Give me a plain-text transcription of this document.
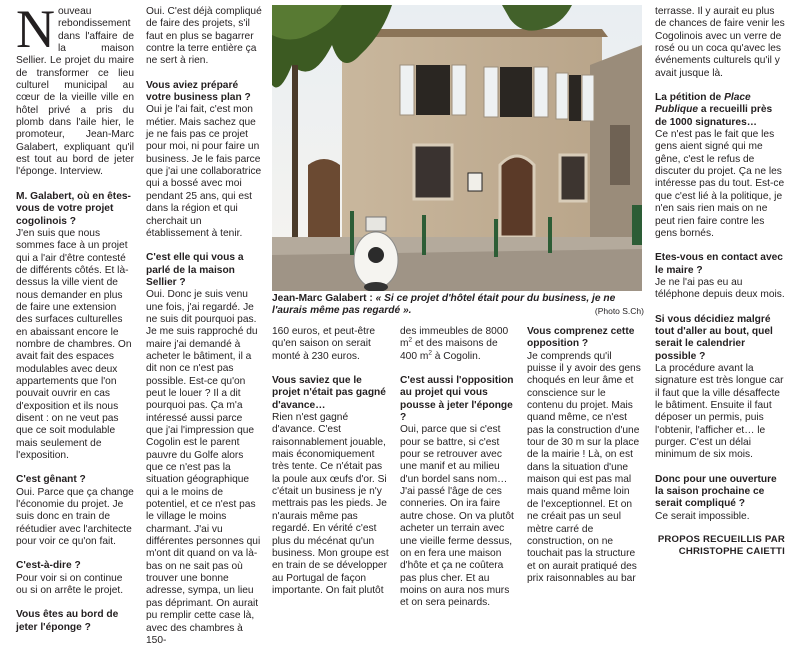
Nouveau rebondissement dans l'affaire de la maison Sellier. Le projet du maire de transformer ce lieu culturel municipal au cœur de la vieille ville en hôtel privé a pris du plomb dans l'aile hier, le promoteur, Jean-Marc Galabert, expliquant qu'il est tout au bord de jeter l'éponge. Interview.

M. Galabert, où en êtes-vous de votre projet cogolinois ?

J'en suis que nous sommes face à un projet qui a l'air d'être contesté de différents côtés. Et là-dessus la ville vient de nous demander en plus de faire une extension des surfaces culturelles en abaissant encore le nombre de chambres. On avait fait des espaces modulables avec deux appartements que l'on pouvait ouvrir en cas d'exposition et ils nous disent : on ne veut pas que ce soit modulable mais seulement de l'exposition.

C'est gênant ?

Oui. Parce que ça change l'économie du projet. Je suis donc en train de réétudier avec l'architecte pour voir ce qu'on fait.

C'est-à-dire ?

Pour voir si on continue ou si on arrête le projet.

Vous êtes au bord de jeter l'éponge ?

Oui. C'est déjà compliqué de faire des projets, s'il faut en plus se bagarrer contre la terre entière ça ne sert à rien.

Vous aviez préparé votre business plan ?

Oui je l'ai fait, c'est mon métier. Mais sachez que je ne fais pas ce projet pour moi, ni pour faire un business. Je le fais parce que j'ai une collaboratrice qui a bossé avec moi pendant 25 ans, qui est dans la région et qui cherchait un établissement à tenir.

C'est elle qui vous a parlé de la maison Sellier ?

Oui. Donc je suis venu une fois, j'ai regardé. Je ne suis dit pourquoi pas. Je me suis rapproché du maire j'ai demandé à acheter le bâtiment, il a dit non ce n'est pas possible. Est-ce qu'on peut le louer ? Il a dit pourquoi pas. Ça m'a intéressé aussi parce que j'ai l'impression que Cogolin est le parent pauvre du Golfe alors que ce n'est pas la situation géographique qui a le moins de potentiel, et ce n'est pas le village le moins charmant. J'ai vu différentes personnes qui m'ont dit quand on va là-bas on ne sait pas où trouver une bonne adresse, sympa, un lieu pas déprimant. On aurait pu remplir cette case là, avec des chambres à 150-

Jean-Marc Galabert : « Si ce projet d'hôtel était pour du business, je ne l'aurais même pas regardé ».	(Photo S.Ch)

160 euros, et peut-être qu'en saison on serait monté à 230 euros.

Vous saviez que le projet n'était pas gagné d'avance…

Rien n'est gagné d'avance. C'est raisonnablement jouable, mais économiquement très tente. Ce n'était pas la poule aux œufs d'or. Si c'était un business je n'y mettrais pas les pieds. Je n'aurais même pas regardé. En vérité c'est plus du mécénat qu'un business. Mon groupe est en train de se développer au Portugal de façon importante. On fait plutôt

des immeubles de 8000 $m^2$ et des maisons de 400 $m^2$ à Cogolin.

C'est aussi l'opposition au projet qui vous pousse à jeter l'éponge ?

Oui, parce que si c'est pour se battre, si c'est pour se retrouver avec une manif et au milieu d'un bordel sans nom… J'ai passé l'âge de ces conneries. On ira faire autre chose. On va plutôt acheter un terrain avec une vieille ferme dessus, on en fera une maison d'hôte et ça ne coûtera pas plus cher. Et au moins on aura nos murs et on sera peinards.

Vous comprenez cette opposition ?

Je comprends qu'il puisse il y avoir des gens choqués en leur âme et conscience sur le contenu du projet. Mais quand même, ce n'est pas la construction d'une tour de 30 m sur la place de la mairie ! Là, on est dans la situation d'une maison qui est pas mal mais quand même loin de l'exceptionnel. Et on ne créait pas un seul mètre carré de construction, on ne touchait pas la structure et on aurait pratiqué des prix raisonnables au bar

terrasse. Il y aurait eu plus de chances de faire venir les Cogolinois avec un verre de rosé ou un coca qu'avec les événements culturels qu'il y avait jusque là.

La pétition de Place Publique a recueilli près de 1000 signatures…

Ce n'est pas le fait que les gens aient signé qui me gêne, c'est le refus de discuter du projet. Ça ne les intéresse pas du tout. Est-ce que c'est lié à la politique, je n'en sais rien mais on ne peut rien faire contre les gens bornés.

Etes-vous en contact avec le maire ?

Je ne l'ai pas eu au téléphone depuis deux mois.

Si vous décidiez malgré tout d'aller au bout, quel serait le calendrier possible ?

La procédure avant la signature est très longue car il faut que la ville désaffecte le bâtiment. Ensuite il faut déposer un permis, puis l'obtenir, l'afficher et… le purger. C'est un délai minimum de six mois.

Donc pour une ouverture la saison prochaine ce serait compliqué ?

Ce serait impossible.

PROPOS RECUEILLIS PAR
CHRISTOPHE CAIETTI
